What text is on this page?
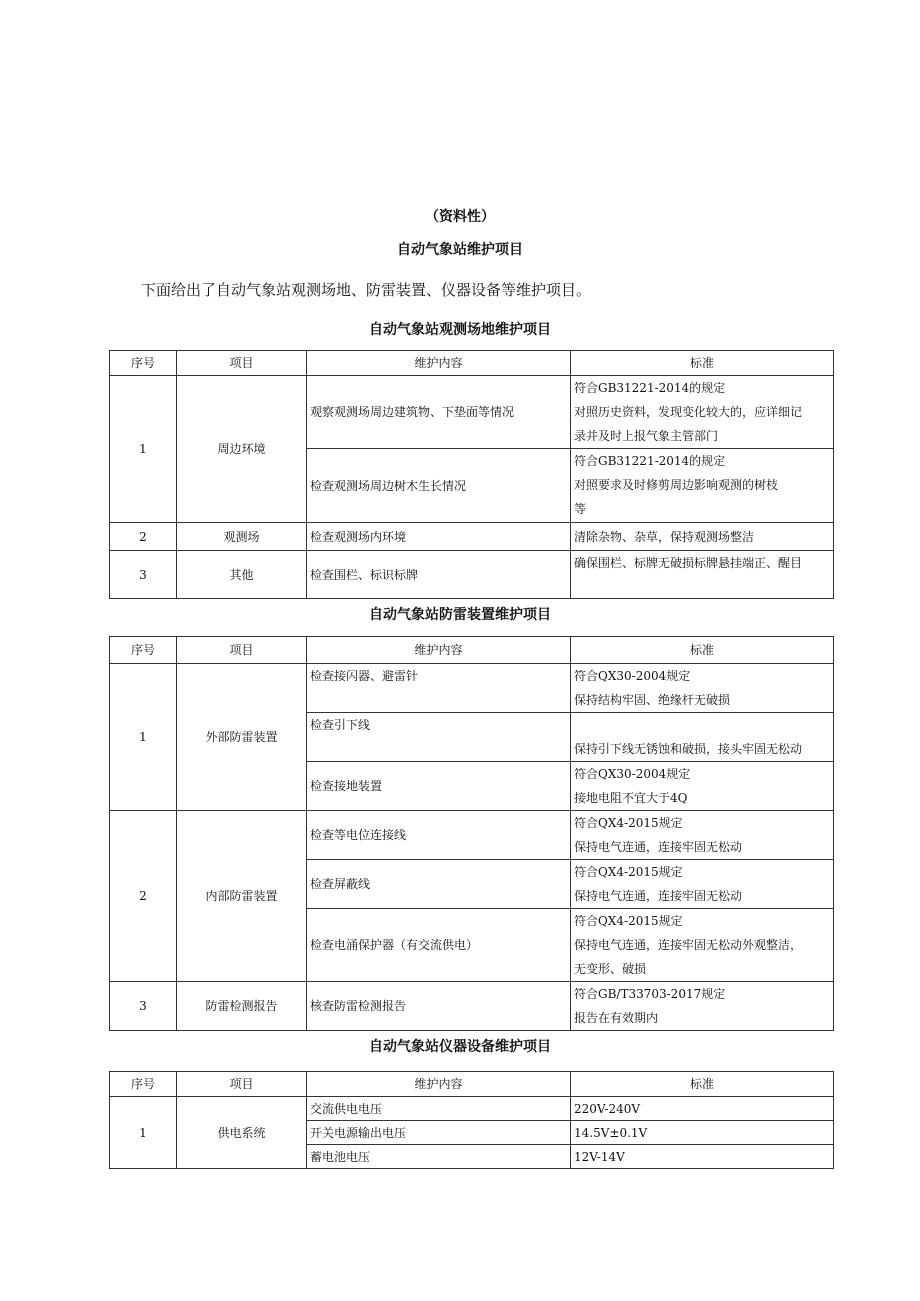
（资料性）
自动气象站维护项目
下面给出了自动气象站观测场地、防雷装置、仪器设备等维护项目。
自动气象站观测场地维护项目
序号	项目	维护内容	标准
1	周边环境	观察观测场周边建筑物、下垫面等情况	符合GB31221-2014的规定
对照历史资料，发现变化较大的，应详细记
录并及时上报气象主管部门

		检查观测场周边树木生长情况	符合GB31221-2014的规定
对照要求及时修剪周边影响观测的树枝
等

2	观测场	检查观测场内环境	清除杂物、杂草，保持观测场整洁
3	其他	检查围栏、标识标牌	确保围栏、标牌无破损标牌悬挂端正、醒目
自动气象站防雷装置维护项目
序号	项目	维护内容	标准
1	外部防雷装置	检查接闪器、避雷针	符合QX30-2004规定
保持结构牢固、绝缘杆无破损

		检查引下线	保持引下线无锈蚀和破损，接头牢固无松动
		检查接地装置	符合QX30-2004规定
接地电阻不宜大于4Q

2	内部防雷装置	检查等电位连接线	符合QX4-2015规定
保持电气连通，连接牢固无松动

		检查屏蔽线	符合QX4-2015规定
保持电气连通，连接牢固无松动

		检查电涌保护器（有交流供电）	符合QX4-2015规定
保持电气连通，连接牢固无松动外观整洁，
无变形、破损

3	防雷检测报告	核查防雷检测报告	符合GB/T33703-2017规定
报告在有效期内
自动气象站仪器设备维护项目
序号	项目	维护内容	标准
1	供电系统	交流供电电压	220V-240V
		开关电源输出电压	14.5V±0.1V
		蓄电池电压	12V-14V
